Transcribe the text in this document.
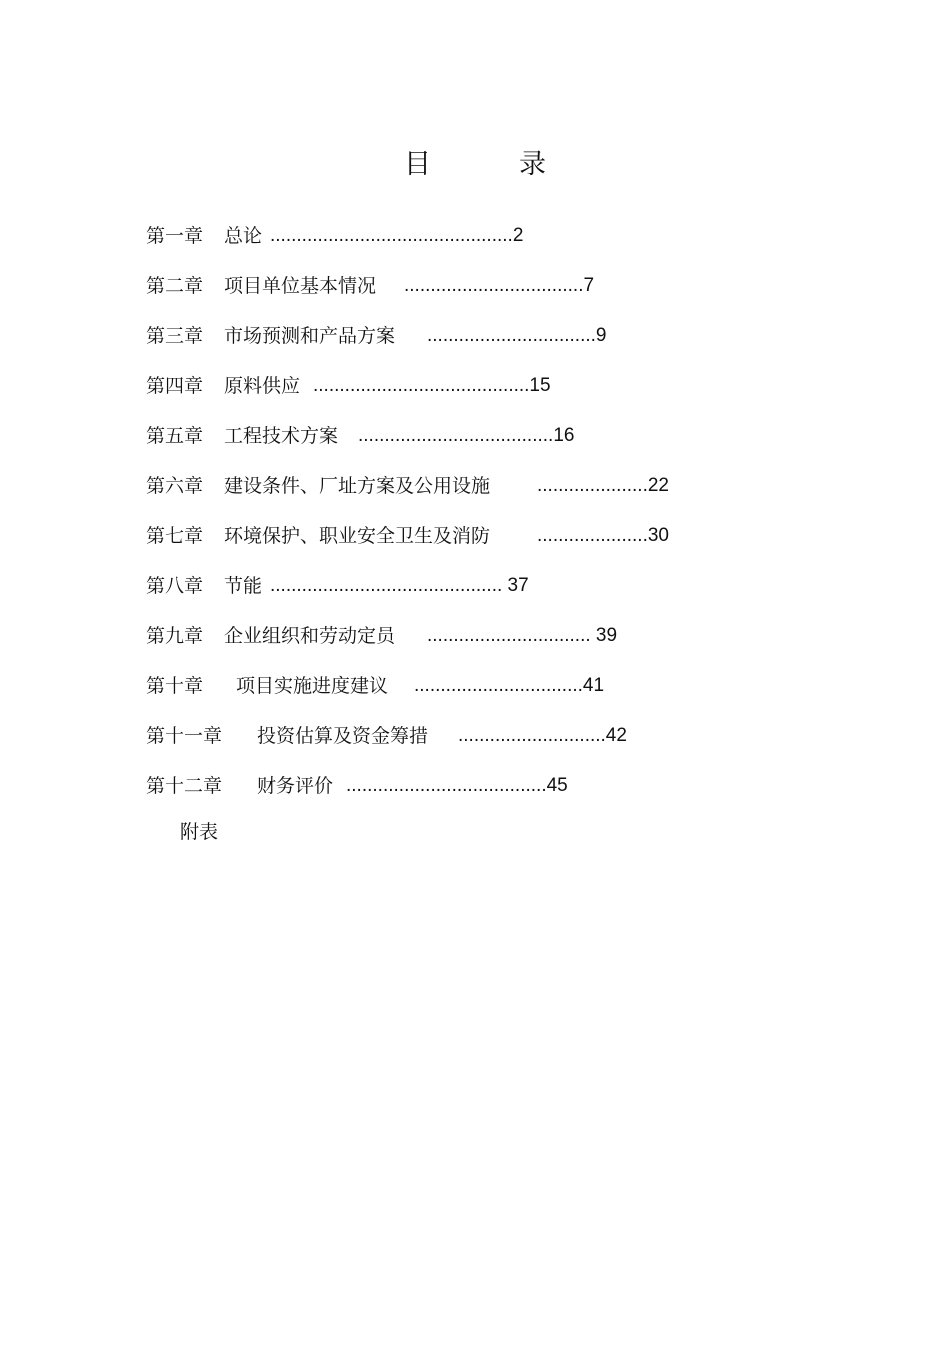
目	录
第一章 总论 ..............................................2
第二章 项目单位基本情况 ..................................7
第三章 市场预测和产品方案 ................................9
第四章 原料供应 .........................................15
第五章 工程技术方案 .....................................16
第六章 建设条件、厂址方案及公用设施 .....................22
第七章 环境保护、职业安全卫生及消防 .....................30
第八章 节能 ............................................ 37
第九章 企业组织和劳动定员 ............................... 39
第十章 项目实施进度建议 ................................41
第十一章 投资估算及资金筹措 ............................42
第十二章 财务评价 ......................................45
附表
